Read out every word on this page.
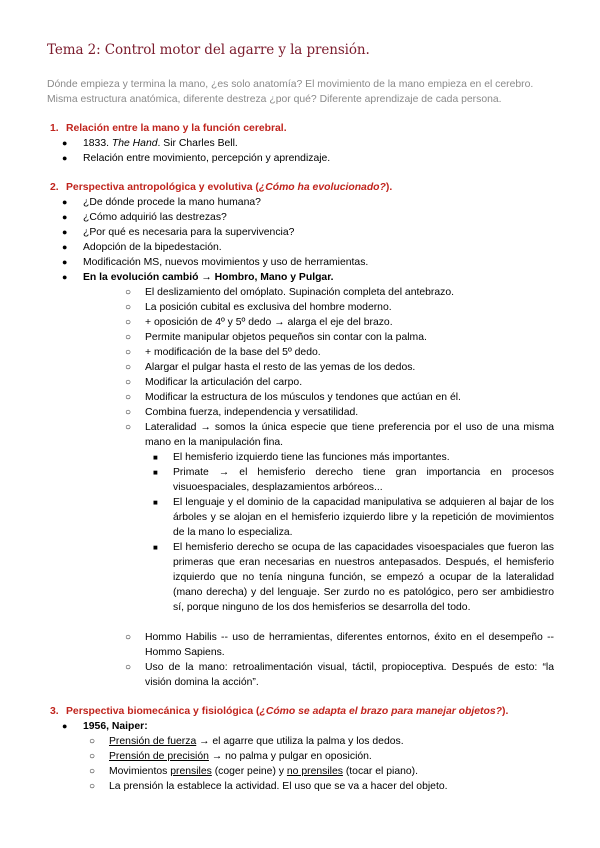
Tema 2: Control motor del agarre y la prensión.

Dónde empieza y termina la mano, ¿es solo anatomía? El movimiento de la mano empieza en el cerebro.

Misma estructura anatómica, diferente destreza ¿por qué? Diferente aprendizaje de cada persona.

1. Relación entre la mano y la función cerebral.
● 1833. The Hand. Sir Charles Bell.
● Relación entre movimiento, percepción y aprendizaje.
2. Perspectiva antropológica y evolutiva (¿Cómo ha evolucionado?).
● ¿De dónde procede la mano humana?
● ¿Cómo adquirió las destrezas?
● ¿Por qué es necesaria para la supervivencia?
● Adopción de la bipedestación.
● Modificación MS, nuevos movimientos y uso de herramientas.
● En la evolución cambió → Hombro, Mano y Pulgar.
○ El deslizamiento del omóplato. Supinación completa del antebrazo.
○ La posición cubital es exclusiva del hombre moderno.
○ + oposición de 4º y 5º dedo → alarga el eje del brazo.
○ Permite manipular objetos pequeños sin contar con la palma.
○ + modificación de la base del 5º dedo.
○ Alargar el pulgar hasta el resto de las yemas de los dedos.
○ Modificar la articulación del carpo.
○ Modificar la estructura de los músculos y tendones que actúan en él.
○ Combina fuerza, independencia y versatilidad.
○ Lateralidad → somos la única especie que tiene preferencia por el uso de una misma mano en la manipulación fina.
■ El hemisferio izquierdo tiene las funciones más importantes.
■ Primate → el hemisferio derecho tiene gran importancia en procesos visuoespaciales, desplazamientos arbóreos...
■ El lenguaje y el dominio de la capacidad manipulativa se adquieren al bajar de los árboles y se alojan en el hemisferio izquierdo libre y la repetición de movimientos de la mano lo especializa.
■ El hemisferio derecho se ocupa de las capacidades visoespaciales que fueron las primeras que eran necesarias en nuestros antepasados. Después, el hemisferio izquierdo que no tenía ninguna función, se empezó a ocupar de la lateralidad (mano derecha) y del lenguaje. Ser zurdo no es patológico, pero ser ambidiestro sí, porque ninguno de los dos hemisferios se desarrolla del todo.
○ Hommo Habilis -- uso de herramientas, diferentes entornos, éxito en el desempeño -- Hommo Sapiens.
○ Uso de la mano: retroalimentación visual, táctil, propioceptiva. Después de esto: “la visión domina la acción”.
3. Perspectiva biomecánica y fisiológica (¿Cómo se adapta el brazo para manejar objetos?).
● 1956, Naiper:
○ Prensión de fuerza → el agarre que utiliza la palma y los dedos.
○ Prensión de precisión → no palma y pulgar en oposición.
○ Movimientos prensiles (coger peine) y no prensiles (tocar el piano).
○ La prensión la establece la actividad. El uso que se va a hacer del objeto.
